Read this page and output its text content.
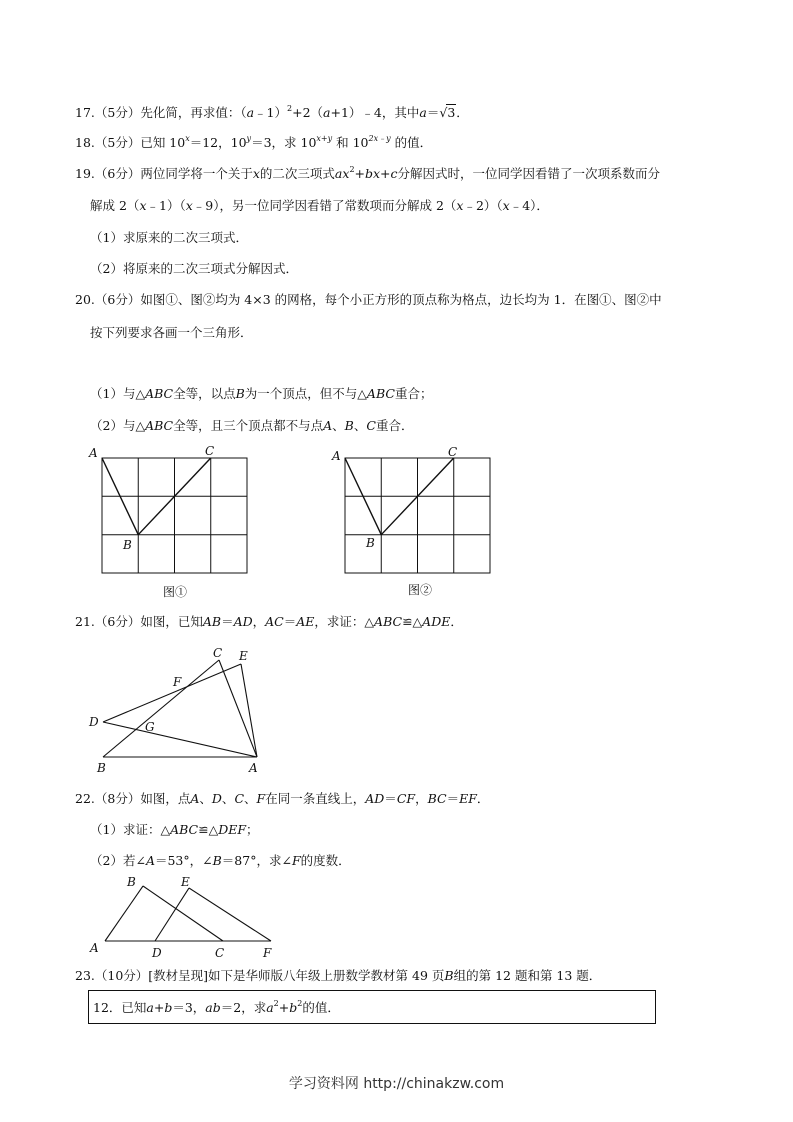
17.（5分）先化简，再求值：（a﹣1）$^2$+2（a+1）﹣4，其中a＝√3．
18.（5分）已知 $10^x=12$，$10^y=3$，求 $10^{x+y}$ 和 $10^{2x﹣y}$ 的值．
19.（6分）两位同学将一个关于x的二次三项式$ax^2+bx+c$分解因式时，一位同学因看错了一次项系数而分
解成 2（x﹣1）（x﹣9），另一位同学因看错了常数项而分解成 2（x﹣2）（x﹣4）．
（1）求原来的二次三项式．
（2）将原来的二次三项式分解因式．
20.（6分）如图①、图②均为 4×3 的网格，每个小正方形的顶点称为格点，边长均为 1．在图①、图②中
按下列要求各画一个三角形．
（1）与△ABC全等，以点B为一个顶点，但不与△ABC重合；
（2）与△ABC全等，且三个顶点都不与点A、B、C重合．
A	C
B
图①
A	C
B
图②
21.（6分）如图，已知AB＝AD，AC＝AE，求证：△ABC≌△ADE．
C E
F
D	G
B	A
22.（8分）如图，点A、D、C、F在同一条直线上，AD＝CF，BC＝EF．
（1）求证：△ABC≌△DEF；
（2）若∠A＝53°，∠B＝87°，求∠F的度数．
B	E
A	D	C	F
23.（10分）[教材呈现]如下是华师版八年级上册数学教材第 49 页B组的第 12 题和第 13 题．
12．已知a+b＝3，ab＝2，求$a^2+b^2$的值．
学习资料网 http://chinakzw.com
